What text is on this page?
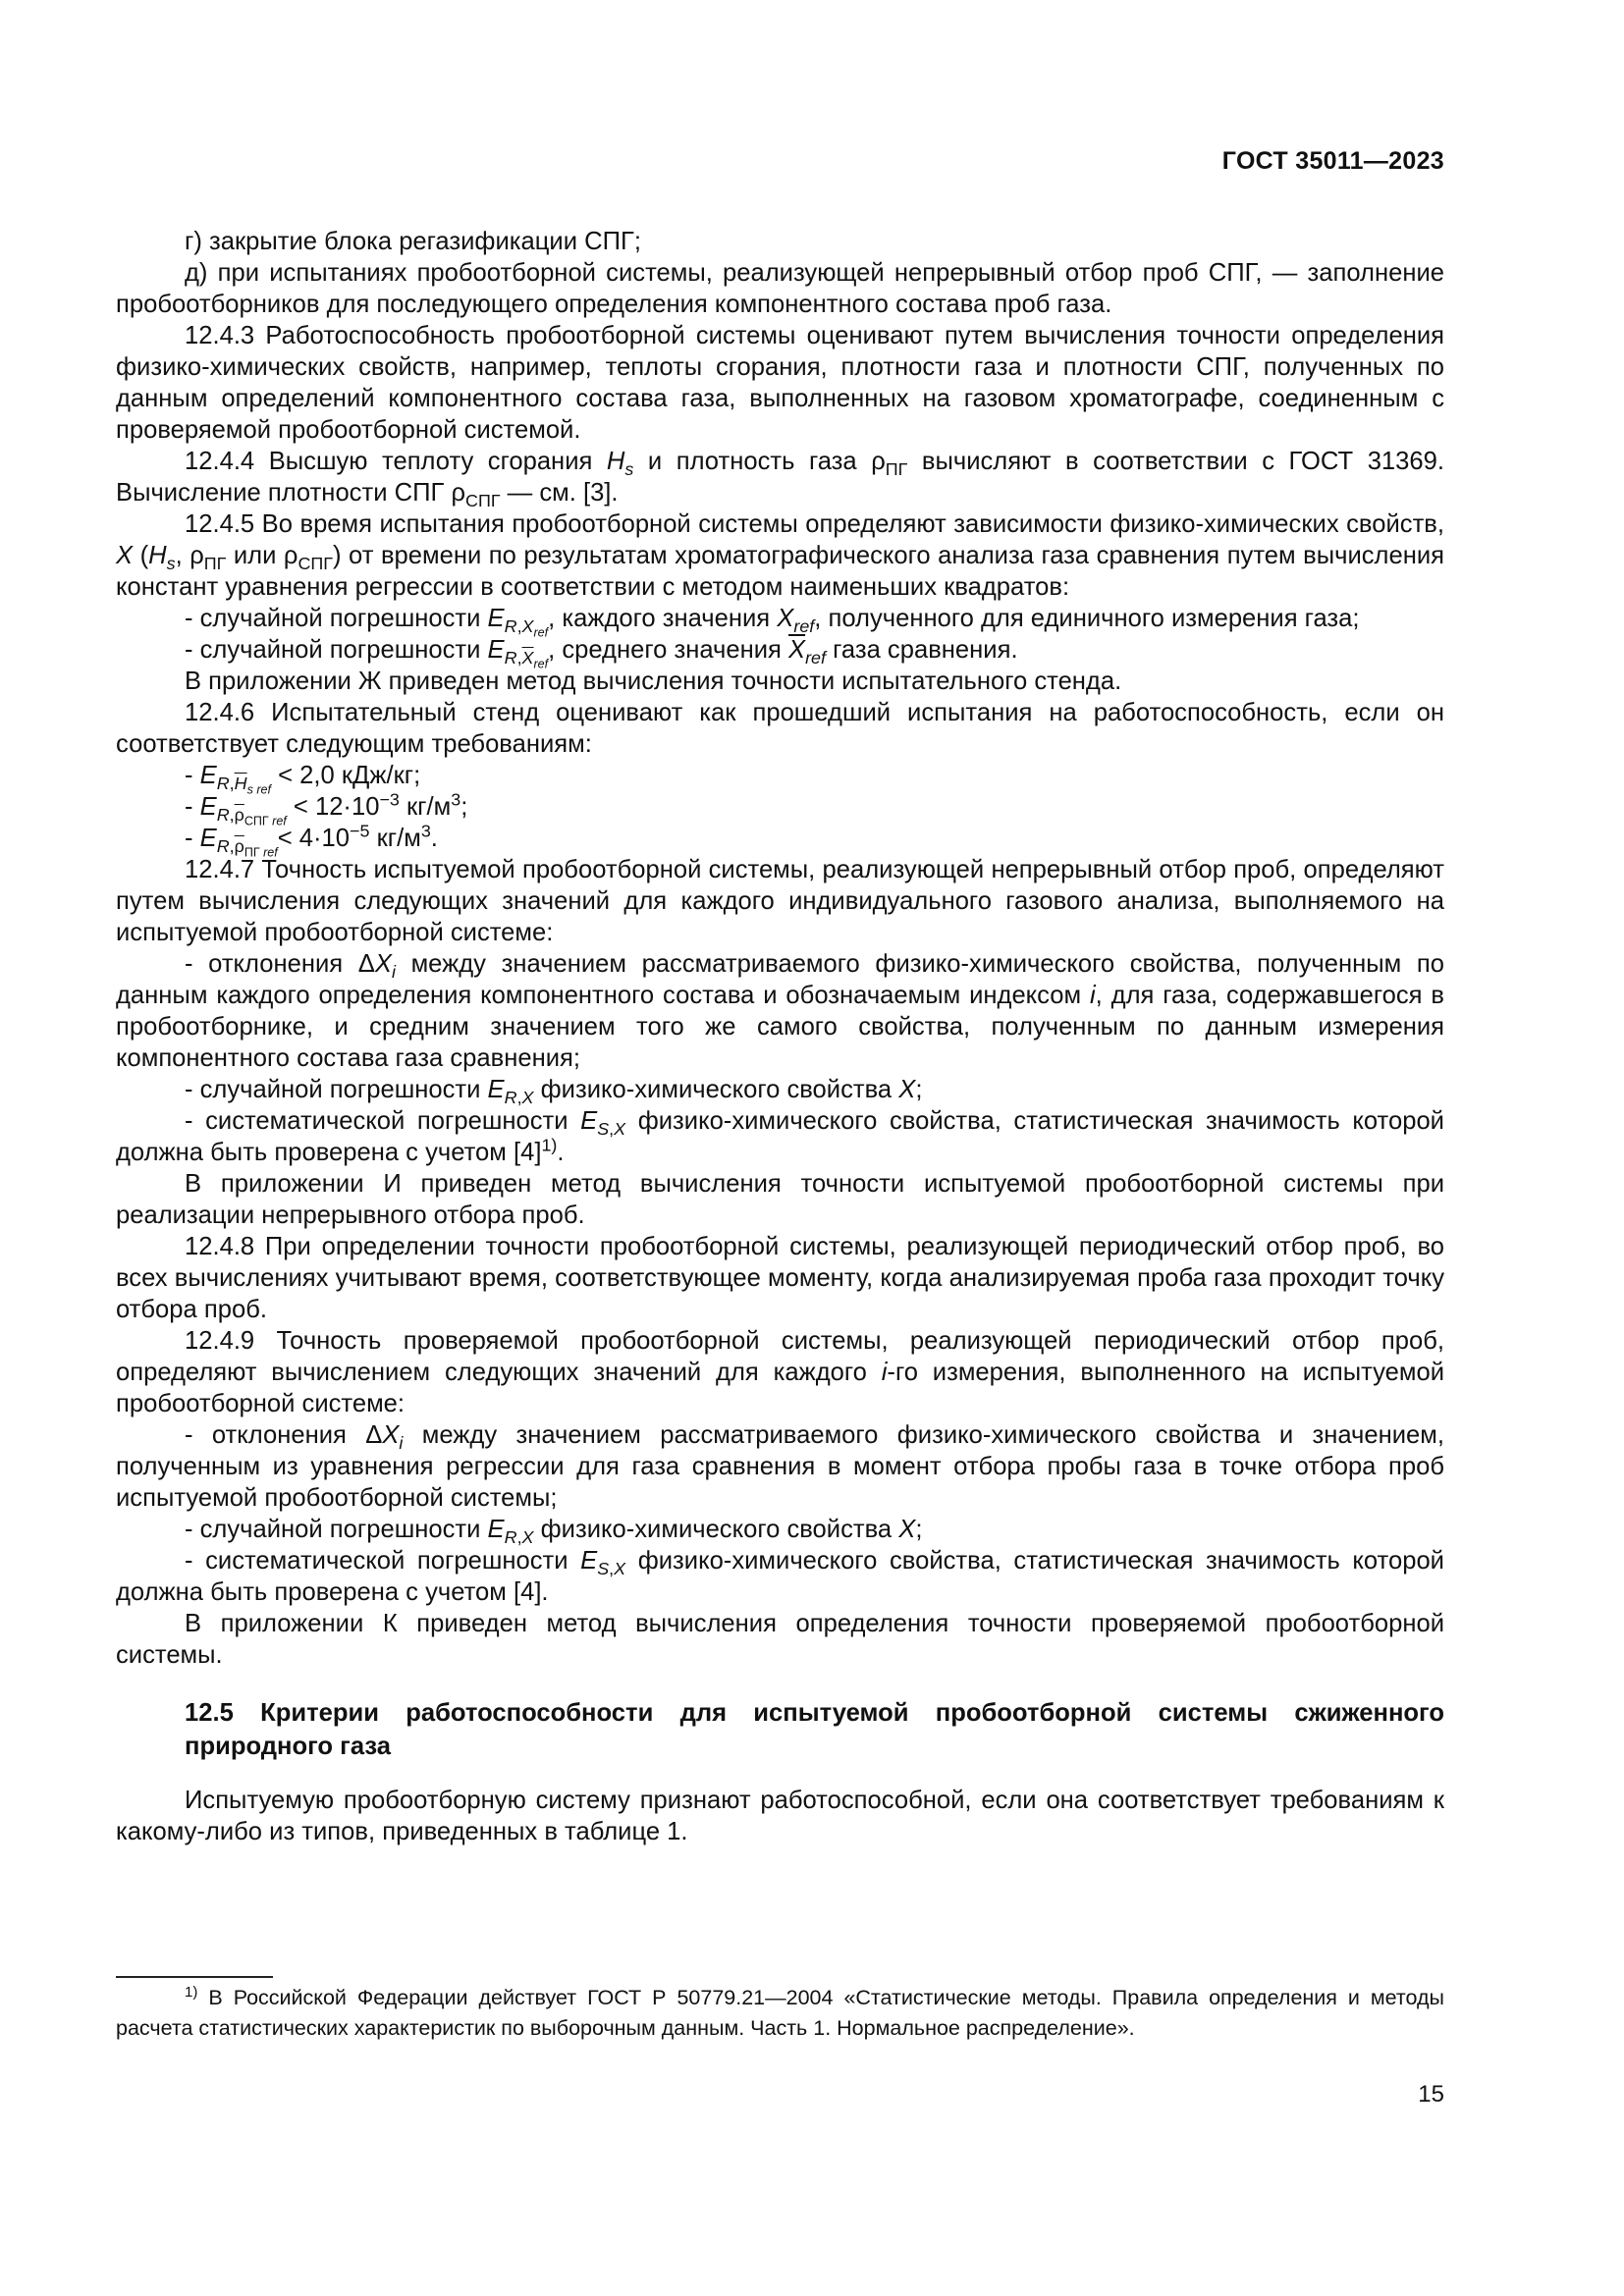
ГОСТ 35011—2023

г) закрытие блока регазификации СПГ;

д) при испытаниях пробоотборной системы, реализующей непрерывный отбор проб СПГ, — заполнение пробоотборников для последующего определения компонентного состава проб газа.

12.4.3 Работоспособность пробоотборной системы оценивают путем вычисления точности определения физико-химических свойств, например, теплоты сгорания, плотности газа и плотности СПГ, полученных по данным определений компонентного состава газа, выполненных на газовом хроматографе, соединенным с проверяемой пробоотборной системой.

12.4.4 Высшую теплоту сгорания $H_s$ и плотность газа $\rho_{ПГ}$ вычисляют в соответствии с ГОСТ 31369. Вычисление плотности СПГ $\rho_{СПГ}$ — см. [3].

12.4.5 Во время испытания пробоотборной системы определяют зависимости физико-химических свойств, X ($H_s$, $\rho_{ПГ}$ или $\rho_{СПГ}$) от времени по результатам хроматографического анализа газа сравнения путем вычисления констант уравнения регрессии в соответствии с методом наименьших квадратов:

- случайной погрешности $E_{R,X_{ref}}$, каждого значения $X_{ref}$, полученного для единичного измерения газа;

- случайной погрешности $E_{R,\overline{X}_{ref}}$, среднего значения $\overline{X}_{ref}$ газа сравнения.

В приложении Ж приведен метод вычисления точности испытательного стенда.

12.4.6 Испытательный стенд оценивают как прошедший испытания на работоспособность, если он соответствует следующим требованиям:

- $E_{R,\overline{H}_{s ref}} < 2,0$ кДж/кг;

- $E_{R,\overline{\rho}_{СПГ ref}} < 12\cdot 10^{-3}$ $кг/м^3$;

- $E_{R,\overline{\rho}_{ПГ ref}}< 4\cdot 10^{-5}$ $кг/м^3$.

12.4.7 Точность испытуемой пробоотборной системы, реализующей непрерывный отбор проб, определяют путем вычисления следующих значений для каждого индивидуального газового анализа, выполняемого на испытуемой пробоотборной системе:

- отклонения $\Delta X_i$ между значением рассматриваемого физико-химического свойства, полученным по данным каждого определения компонентного состава и обозначаемым индексом i, для газа, содержавшегося в пробоотборнике, и средним значением того же самого свойства, полученным по данным измерения компонентного состава газа сравнения;

- случайной погрешности $E_{R,X}$ физико-химического свойства X;

- систематической погрешности $E_{S,X}$ физико-химического свойства, статистическая значимость которой должна быть проверена с учетом $[4]^{1)}$.

В приложении И приведен метод вычисления точности испытуемой пробоотборной системы при реализации непрерывного отбора проб.

12.4.8 При определении точности пробоотборной системы, реализующей периодический отбор проб, во всех вычислениях учитывают время, соответствующее моменту, когда анализируемая проба газа проходит точку отбора проб.

12.4.9 Точность проверяемой пробоотборной системы, реализующей периодический отбор проб, определяют вычислением следующих значений для каждого i-го измерения, выполненного на испытуемой пробоотборной системе:

- отклонения $\Delta X_i$ между значением рассматриваемого физико-химического свойства и значением, полученным из уравнения регрессии для газа сравнения в момент отбора пробы газа в точке отбора проб испытуемой пробоотборной системы;

- случайной погрешности $E_{R,X}$ физико-химического свойства X;

- систематической погрешности $E_{S,X}$ физико-химического свойства, статистическая значимость которой должна быть проверена с учетом [4].

В приложении К приведен метод вычисления определения точности проверяемой пробоотборной системы.

12.5 Критерии работоспособности для испытуемой пробоотборной системы сжиженного природного газа

Испытуемую пробоотборную систему признают работоспособной, если она соответствует требованиям к какому-либо из типов, приведенных в таблице 1.

$^{1)}$ В Российской Федерации действует ГОСТ Р 50779.21—2004 «Статистические методы. Правила определения и методы расчета статистических характеристик по выборочным данным. Часть 1. Нормальное распределение».
15
